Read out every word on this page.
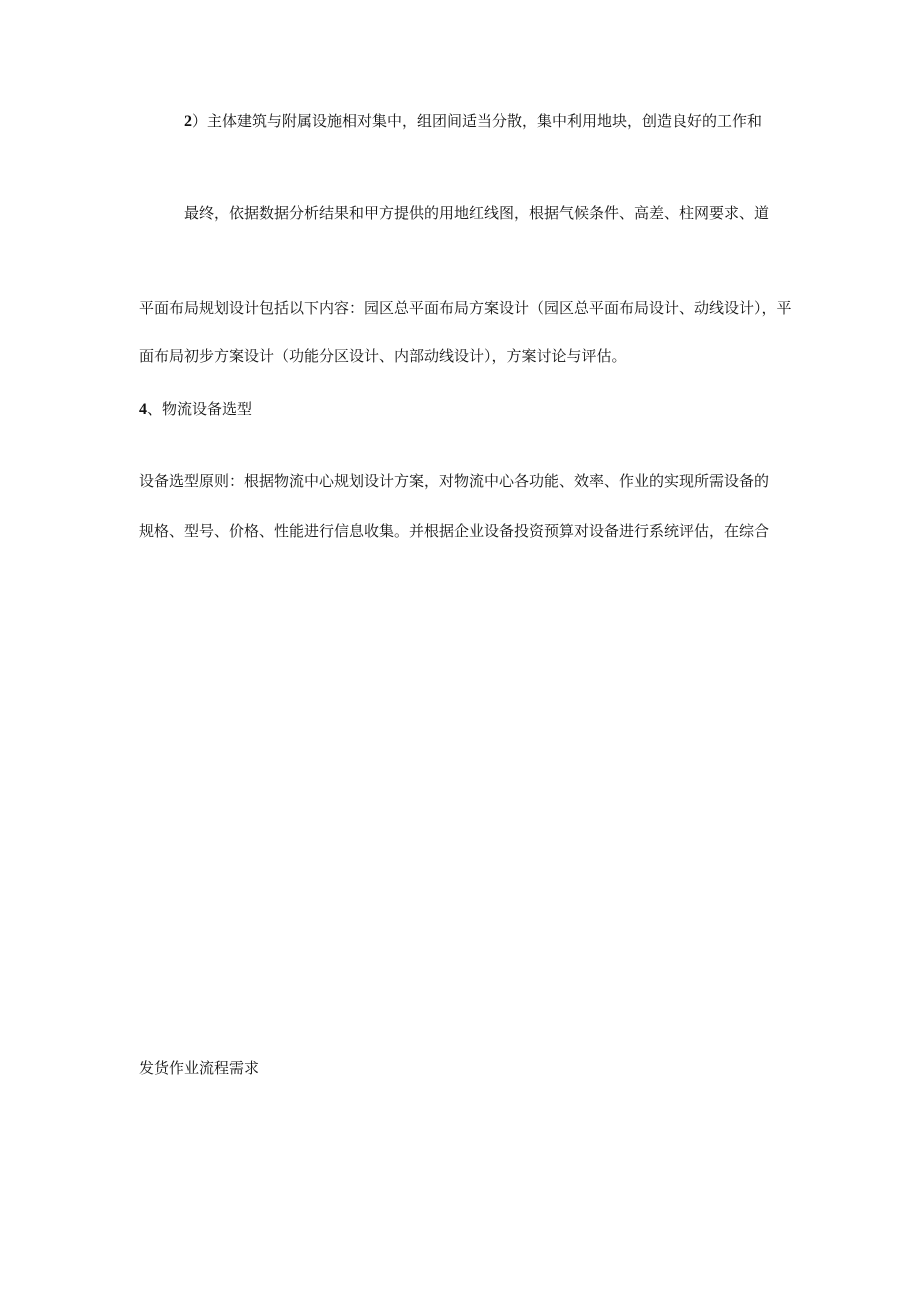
2）主体建筑与附属设施相对集中，组团间适当分散，集中利用地块，创造良好的工作和
最终，依据数据分析结果和甲方提供的用地红线图，根据气候条件、高差、柱网要求、道
平面布局规划设计包括以下内容：园区总平面布局方案设计（园区总平面布局设计、动线设计），平
面布局初步方案设计（功能分区设计、内部动线设计），方案讨论与评估。
4、物流设备选型
设备选型原则：根据物流中心规划设计方案，对物流中心各功能、效率、作业的实现所需设备的
规格、型号、价格、性能进行信息收集。并根据企业设备投资预算对设备进行系统评估，在综合
发货作业流程需求
